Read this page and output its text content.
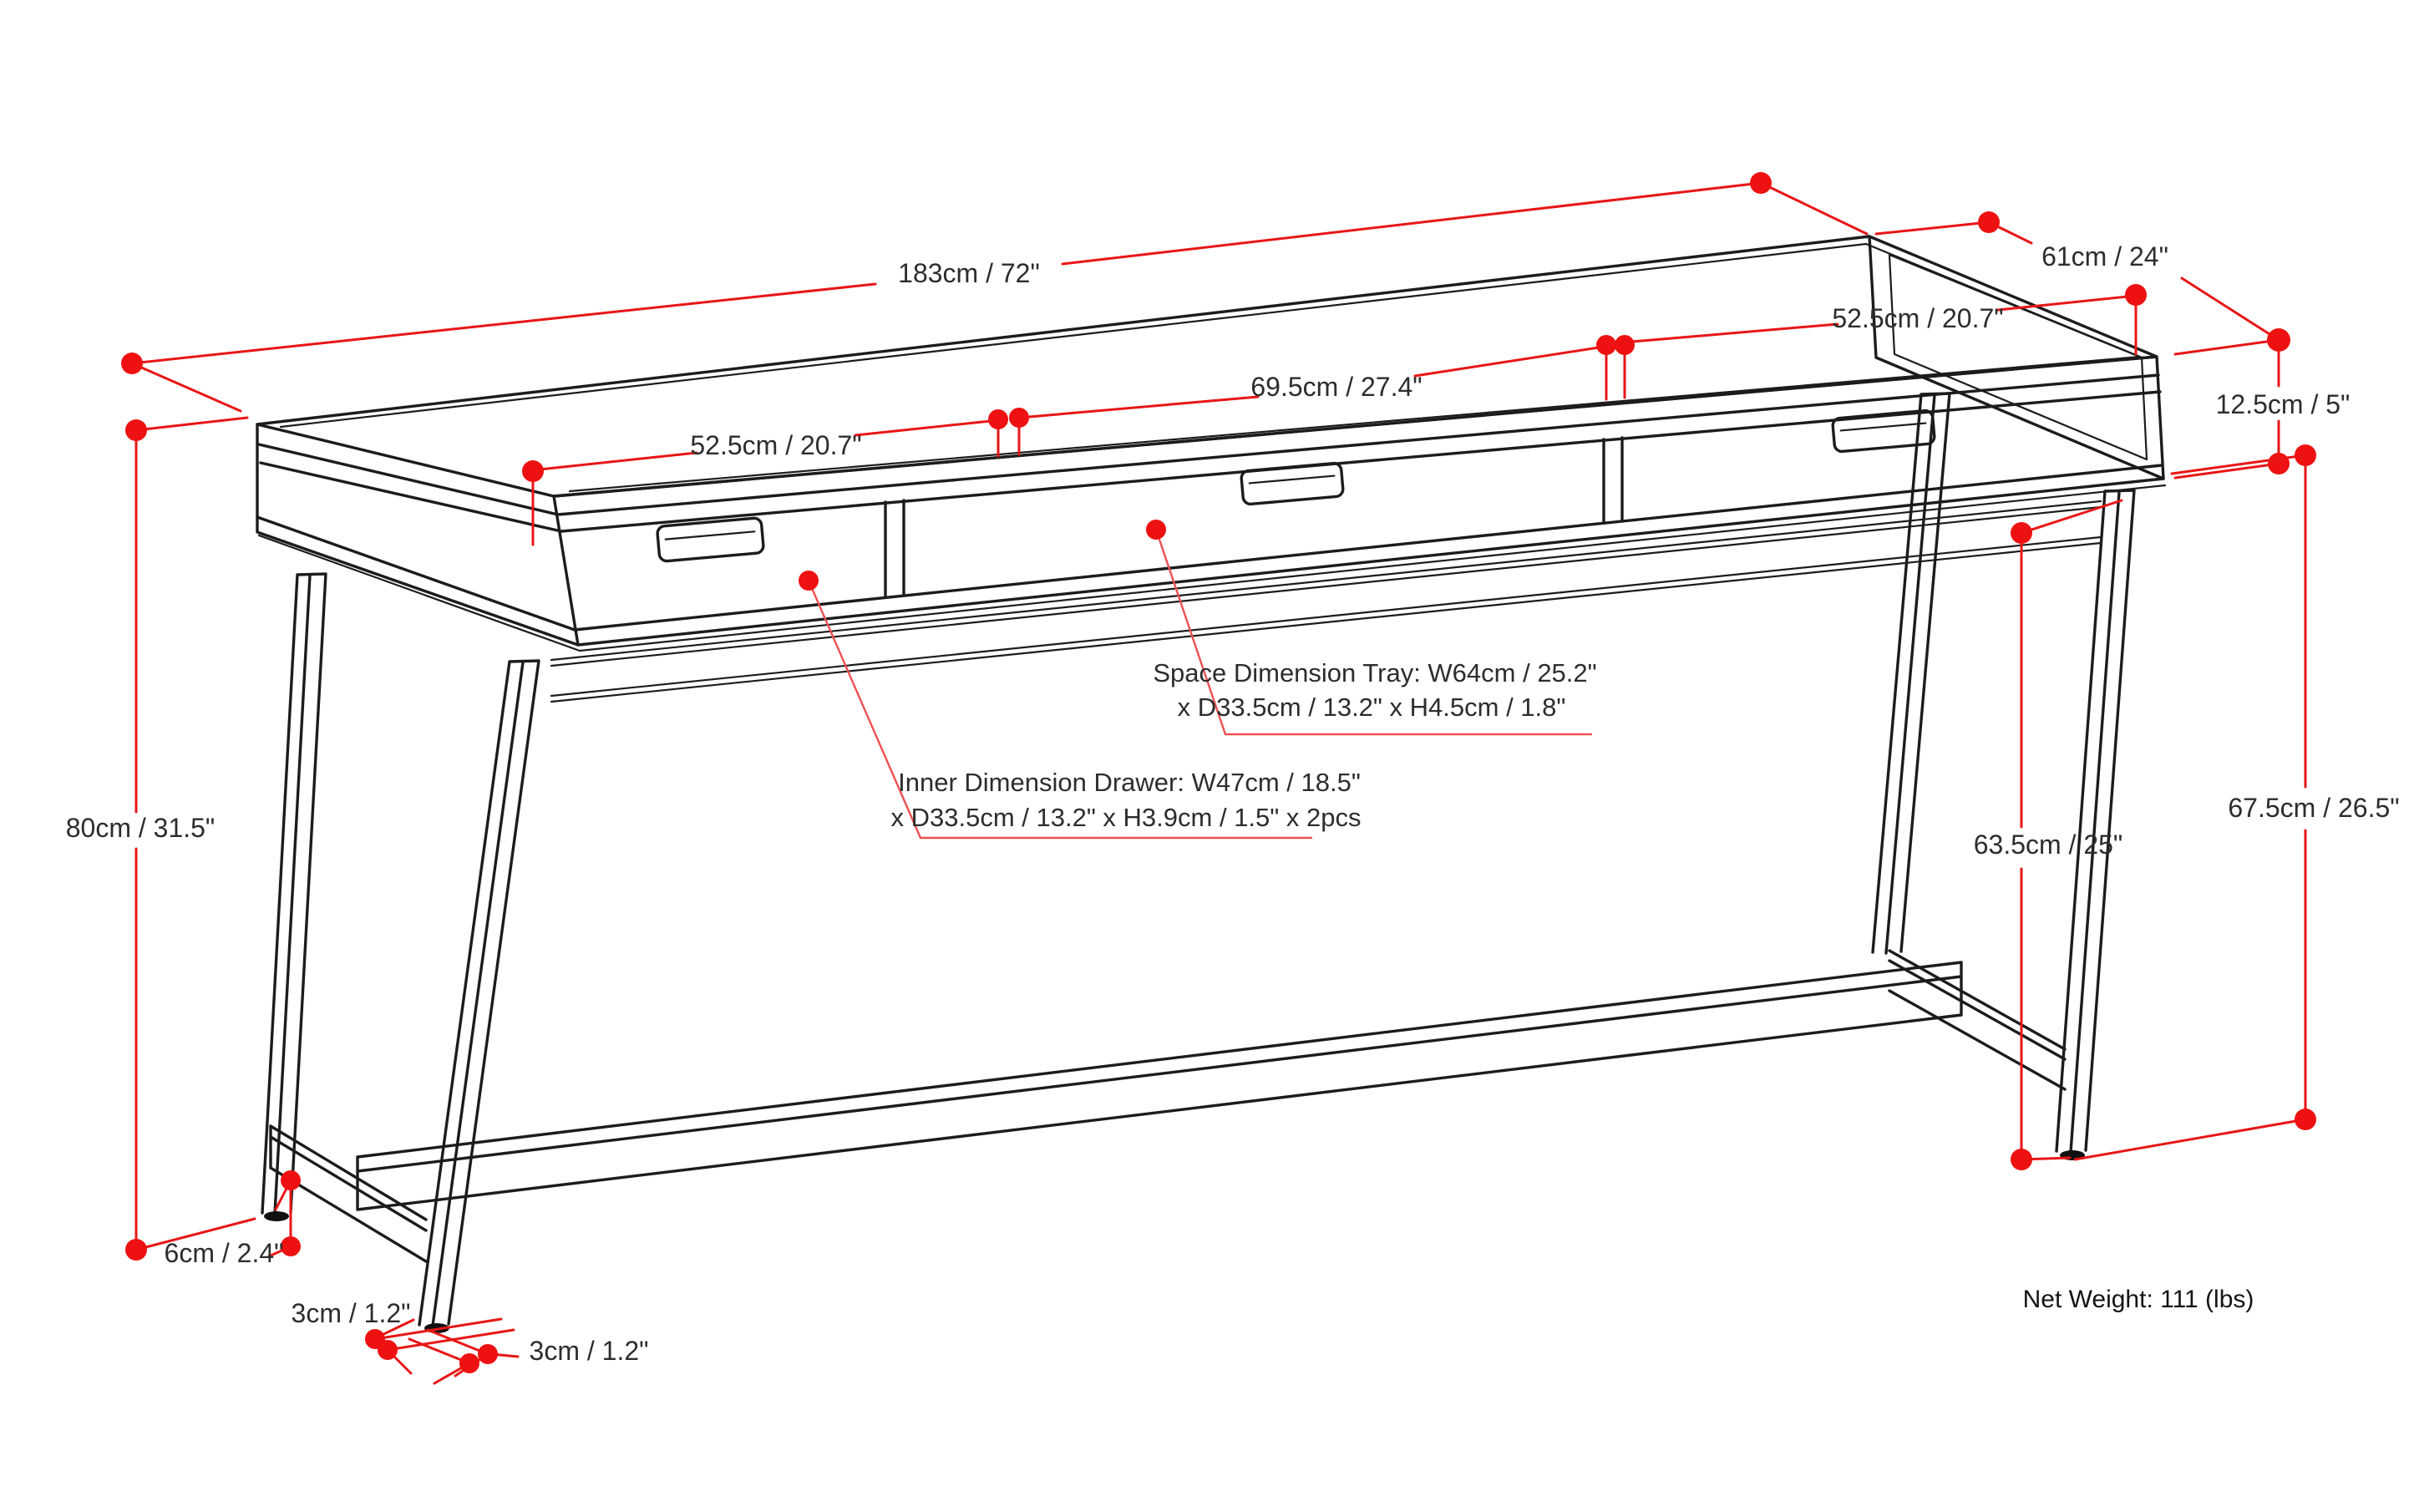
183cm / 72"
61cm / 24"
52.5cm / 20.7"
69.5cm / 27.4"
52.5cm / 20.7"
12.5cm / 5"
80cm / 31.5"
67.5cm / 26.5"
63.5cm / 25"
6cm / 2.4"
3cm / 1.2"
3cm / 1.2"
Space Dimension Tray: W64cm / 25.2"
x D33.5cm / 13.2" x H4.5cm / 1.8"
Inner Dimension Drawer: W47cm / 18.5"
x D33.5cm / 13.2" x H3.9cm / 1.5" x 2pcs
Net Weight: 111 (lbs)
